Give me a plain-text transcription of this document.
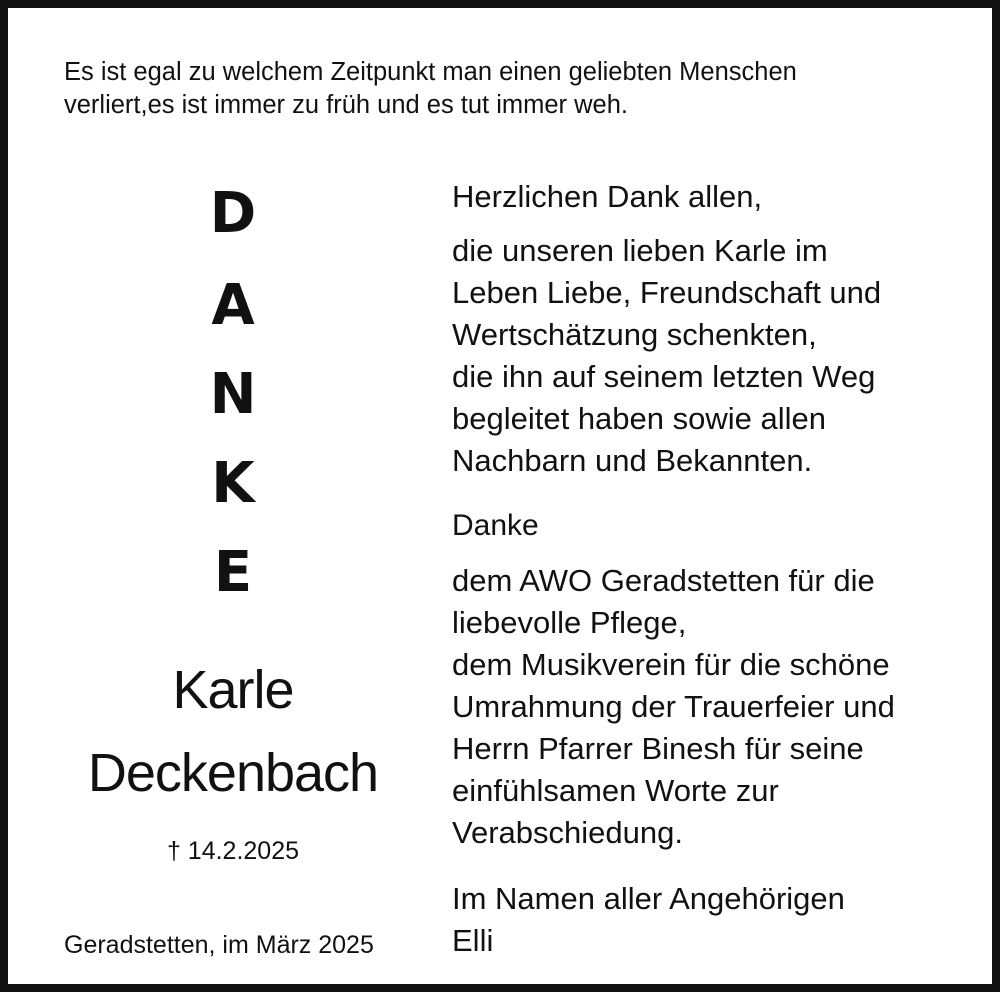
Es ist egal zu welchem Zeitpunkt man einen geliebten Menschen
verliert,es ist immer zu früh und es tut immer weh.
D
A
N
K
E
Karle
Deckenbach
† 14.2.2025
Geradstetten, im März 2025
Herzlichen Dank allen,
die unseren lieben Karle im
Leben Liebe, Freundschaft und
Wertschätzung schenkten,
die ihn auf seinem letzten Weg
begleitet haben sowie allen
Nachbarn und Bekannten.
Danke
dem AWO Geradstetten für die
liebevolle Pflege,
dem Musikverein für die schöne
Umrahmung der Trauerfeier und
Herrn Pfarrer Binesh für seine
einfühlsamen Worte zur
Verabschiedung.
Im Namen aller Angehörigen
Elli
